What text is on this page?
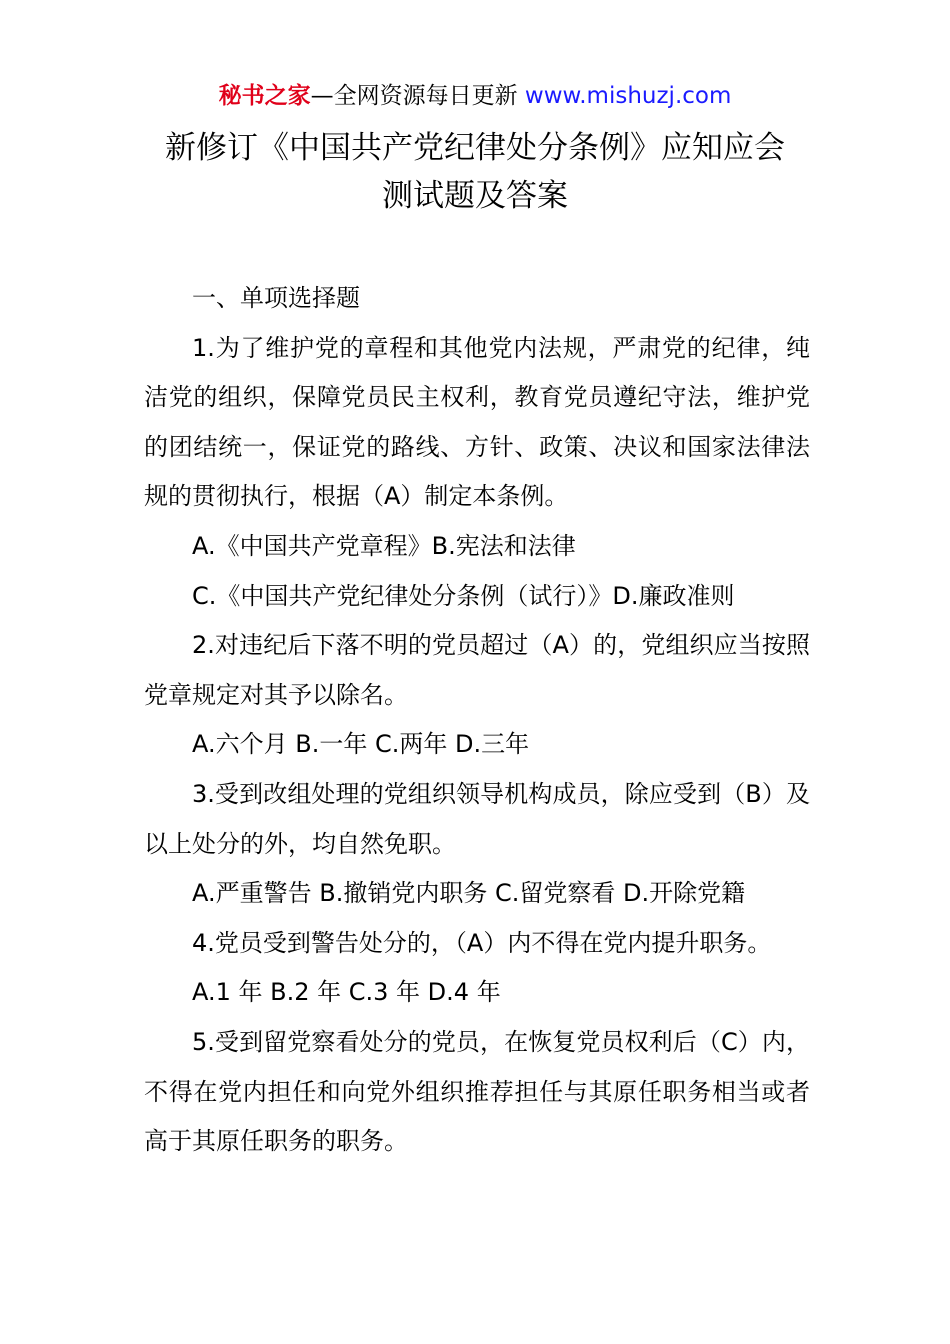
秘书之家—全网资源每日更新 www.mishuzj.com
新修订《中国共产党纪律处分条例》应知应会
测试题及答案

一、单项选择题

1.为了维护党的章程和其他党内法规，严肃党的纪律，纯洁党的组织，保障党员民主权利，教育党员遵纪守法，维护党的团结统一，保证党的路线、方针、政策、决议和国家法律法规的贯彻执行，根据（A）制定本条例。

A.《中国共产党章程》B.宪法和法律

C.《中国共产党纪律处分条例（试行）》D.廉政准则

2.对违纪后下落不明的党员超过（A）的，党组织应当按照党章规定对其予以除名。

A.六个月 B.一年 C.两年 D.三年

3.受到改组处理的党组织领导机构成员，除应受到（B）及以上处分的外，均自然免职。

A.严重警告 B.撤销党内职务 C.留党察看 D.开除党籍

4.党员受到警告处分的，（A）内不得在党内提升职务。

A.1 年 B.2 年 C.3 年 D.4 年

5.受到留党察看处分的党员，在恢复党员权利后（C）内，不得在党内担任和向党外组织推荐担任与其原任职务相当或者高于其原任职务的职务。
